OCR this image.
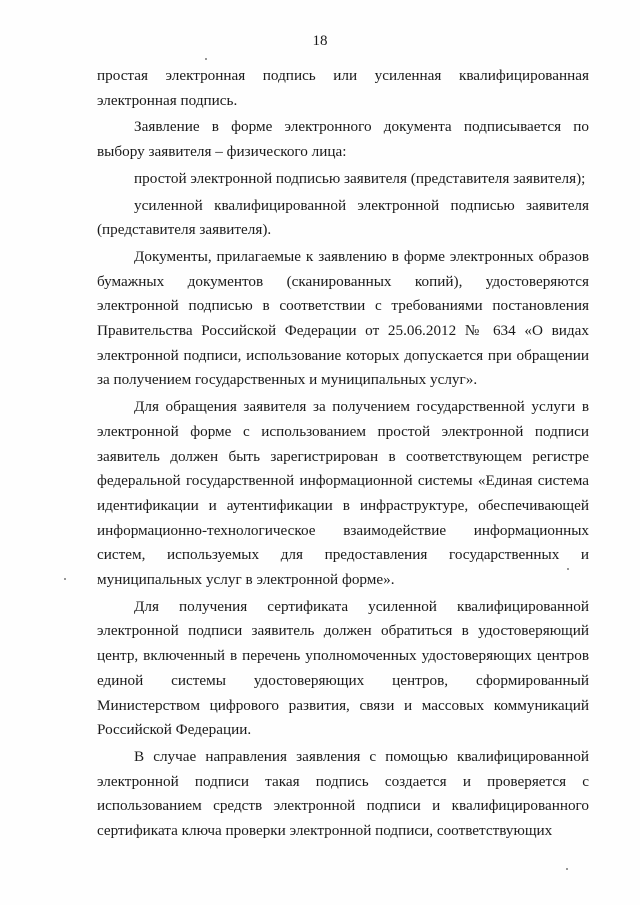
18

простая электронная подпись или усиленная квалифицированная электронная подпись.

Заявление в форме электронного документа подписывается по выбору заявителя – физического лица:

простой электронной подписью заявителя (представителя заявителя);

усиленной квалифицированной электронной подписью заявителя (представителя заявителя).

Документы, прилагаемые к заявлению в форме электронных образов бумажных документов (сканированных копий), удостоверяются электронной подписью в соответствии с требованиями постановления Правительства Российской Федерации от 25.06.2012 № 634 «О видах электронной подписи, использование которых допускается при обращении за получением государственных и муниципальных услуг».

Для обращения заявителя за получением государственной услуги в электронной форме с использованием простой электронной подписи заявитель должен быть зарегистрирован в соответствующем регистре федеральной государственной информационной системы «Единая система идентификации и аутентификации в инфраструктуре, обеспечивающей информационно-технологическое взаимодействие информационных систем, используемых для предоставления государственных и муниципальных услуг в электронной форме».

Для получения сертификата усиленной квалифицированной электронной подписи заявитель должен обратиться в удостоверяющий центр, включенный в перечень уполномоченных удостоверяющих центров единой системы удостоверяющих центров, сформированный Министерством цифрового развития, связи и массовых коммуникаций Российской Федерации.

В случае направления заявления с помощью квалифицированной электронной подписи такая подпись создается и проверяется с использованием средств электронной подписи и квалифицированного сертификата ключа проверки электронной подписи, соответствующих
